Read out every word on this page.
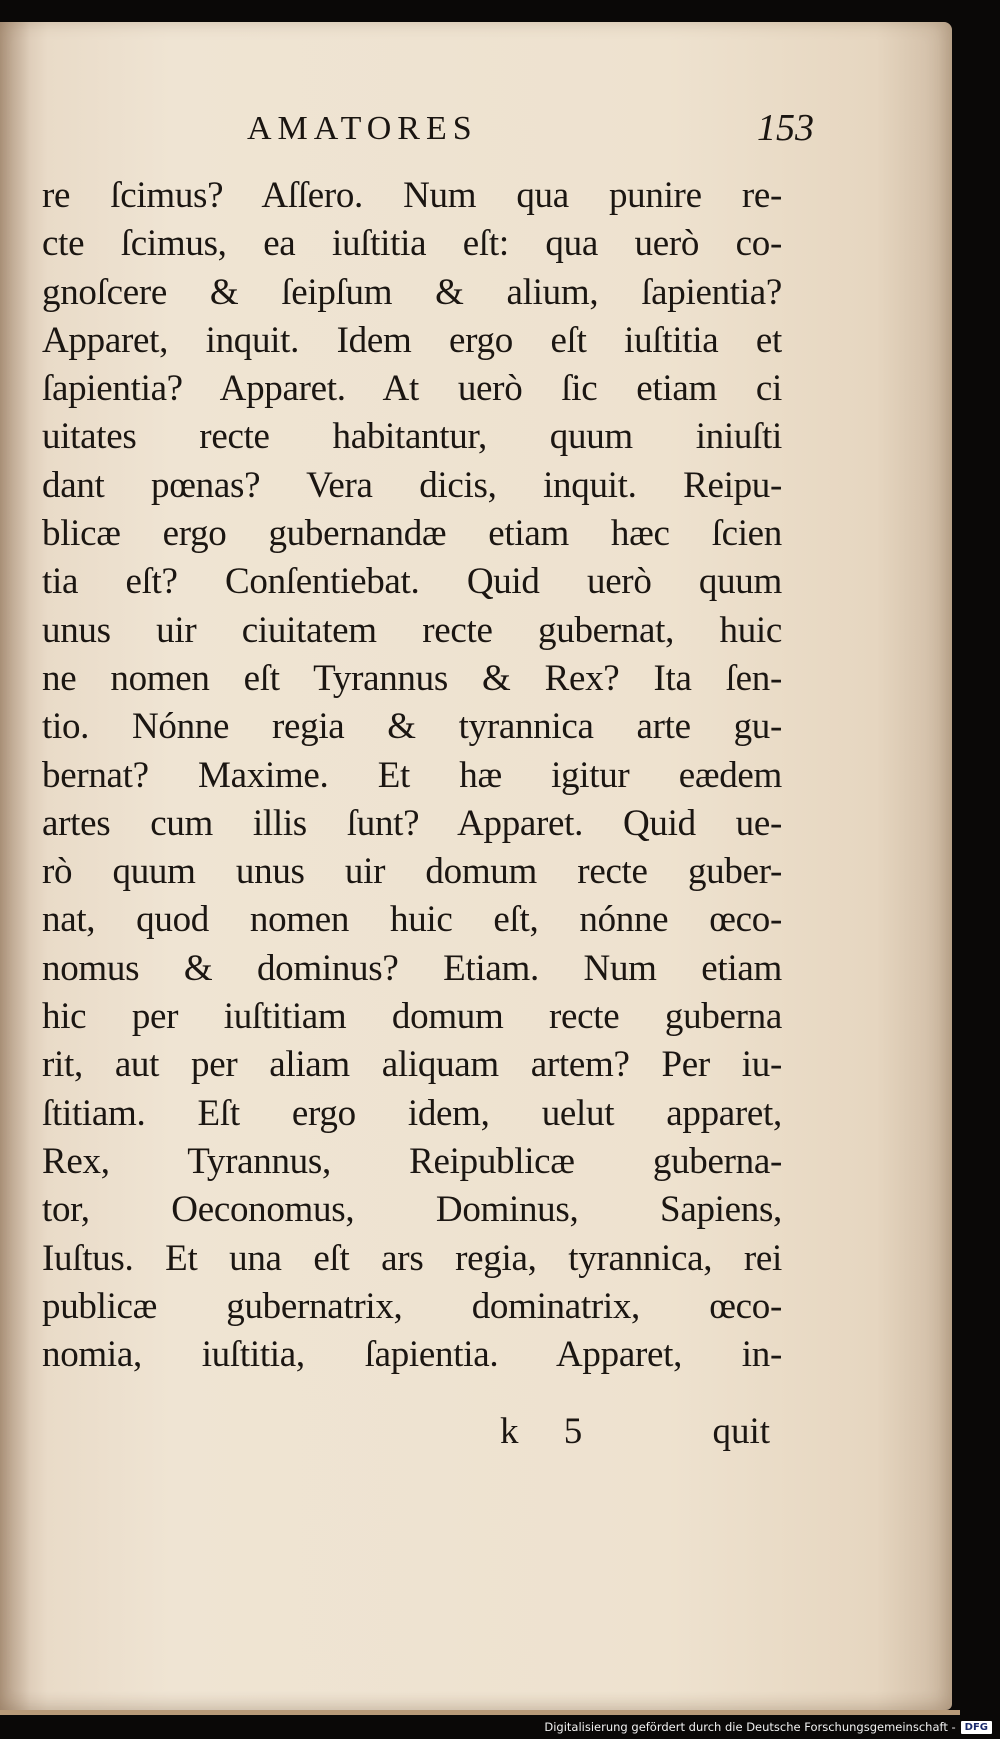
AMATORES	153
re ſcimus? Aſſero. Num qua punire re-
cte ſcimus, ea iuſtitia eſt: qua uerò co-
gnoſcere & ſeipſum & alium, ſapientia?
Apparet, inquit. Idem ergo eſt iuſtitia et
ſapientia? Apparet. At uerò ſic etiam ci
uitates recte habitantur, quum iniuſti
dant pœnas? Vera dicis, inquit. Reipu-
blicæ ergo gubernandæ etiam hæc ſcien
tia eſt? Conſentiebat. Quid uerò quum
unus uir ciuitatem recte gubernat, huic
ne nomen eſt Tyrannus & Rex? Ita ſen-
tio. Nónne regia & tyrannica arte gu-
bernat? Maxime. Et hæ igitur eædem
artes cum illis ſunt? Apparet. Quid ue-
rò quum unus uir domum recte guber-
nat, quod nomen huic eſt, nónne œco-
nomus & dominus? Etiam. Num etiam
hic per iuſtitiam domum recte guberna
rit, aut per aliam aliquam artem? Per iu-
ſtitiam. Eſt ergo idem, uelut apparet,
Rex, Tyrannus, Reipublicæ guberna-
tor, Oeconomus, Dominus, Sapiens,
Iuſtus. Et una eſt ars regia, tyrannica, rei
publicæ gubernatrix, dominatrix, œco-
nomia, iuſtitia, ſapientia. Apparet, in-
k 5	quit
Digitalisierung gefördert durch die Deutsche Forschungsgemeinschaft - DFG
